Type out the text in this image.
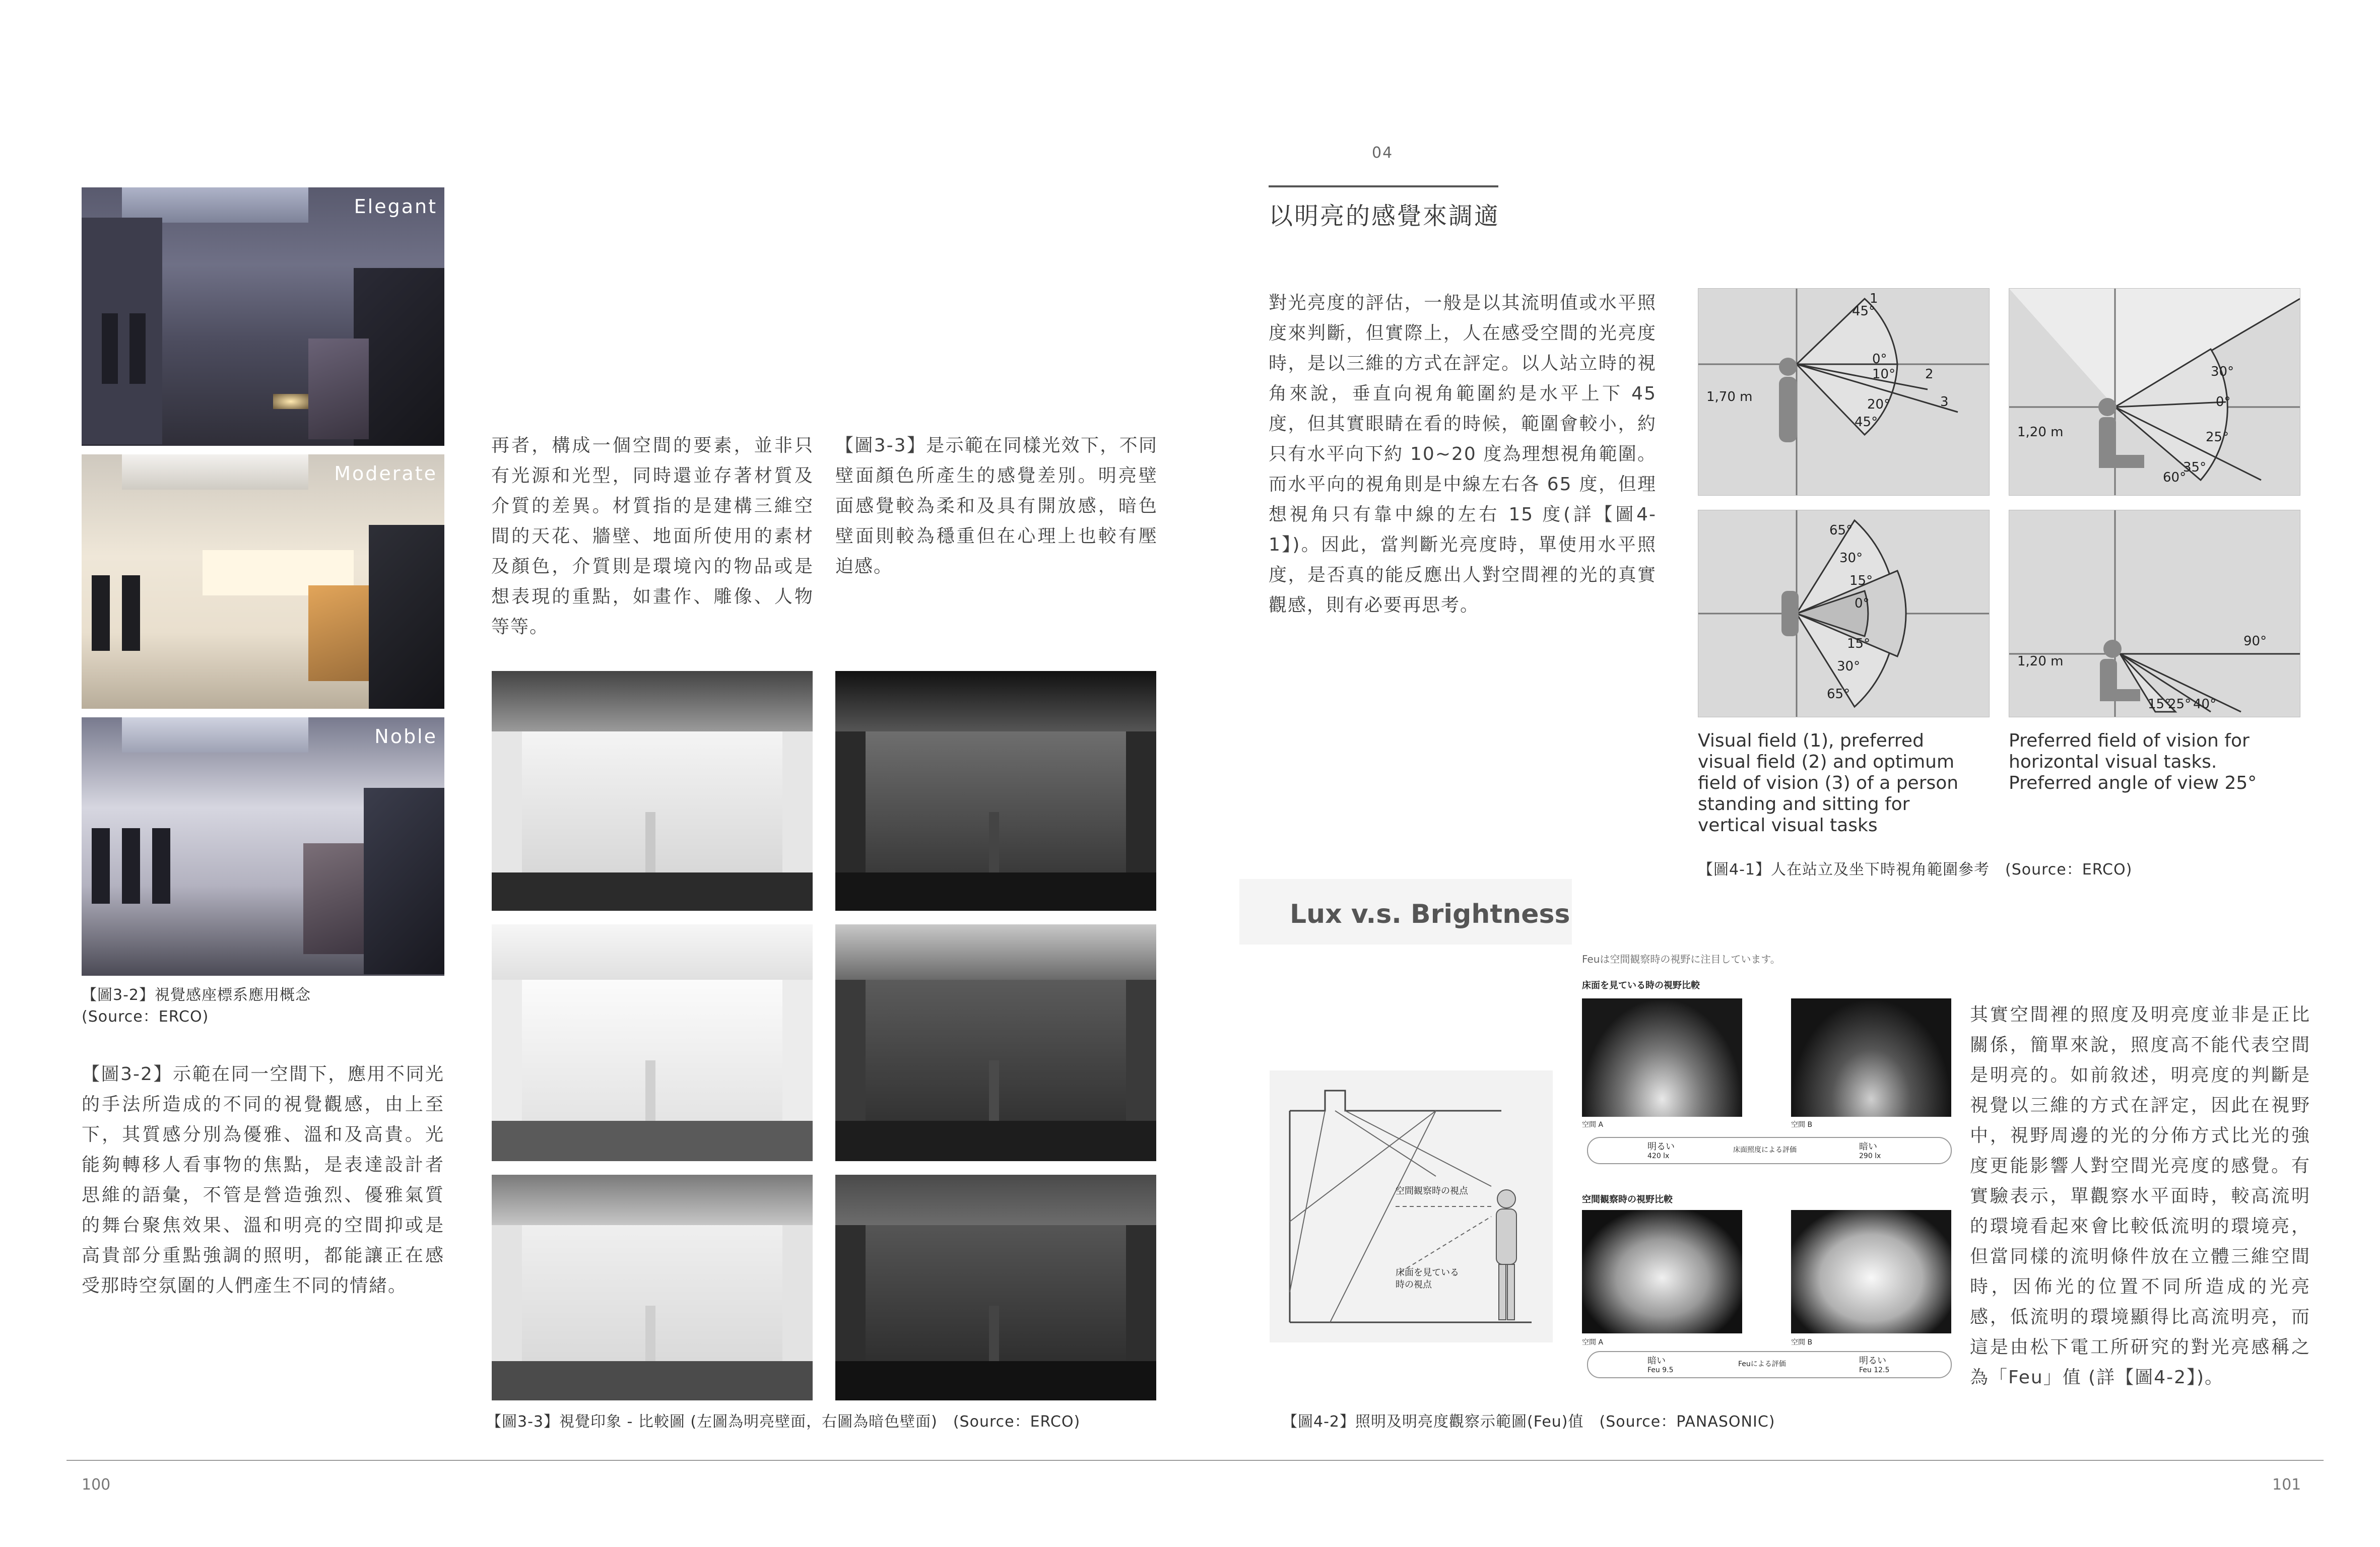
Elegant
Moderate
Noble
【圖3-2】視覺感座標系應用概念
(Source：ERCO)
【圖3-2】示範在同一空間下，應用不同光的手法所造成的不同的視覺觀感，由上至下，其質感分別為優雅、溫和及高貴。光能夠轉移人看事物的焦點，是表達設計者思維的語彙，不管是營造強烈、優雅氣質的舞台聚焦效果、溫和明亮的空間抑或是高貴部分重點強調的照明，都能讓正在感受那時空氛圍的人們產生不同的情緒。
再者，構成一個空間的要素，並非只有光源和光型，同時還並存著材質及介質的差異。材質指的是建構三維空間的天花、牆壁、地面所使用的素材及顏色，介質則是環境內的物品或是想表現的重點，如畫作、雕像、人物等等。
【圖3-3】是示範在同樣光效下，不同壁面顏色所產生的感覺差別。明亮壁面感覺較為柔和及具有開放感，暗色壁面則較為穩重但在心理上也較有壓迫感。
【圖3-3】視覺印象 - 比較圖 (左圖為明亮壁面，右圖為暗色壁面)　(Source：ERCO)
04
以明亮的感覺來調適
對光亮度的評估，一般是以其流明值或水平照度來判斷，但實際上，人在感受空間的光亮度時，是以三維的方式在評定。以人站立時的視角來說，垂直向視角範圍約是水平上下 45 度，但其實眼睛在看的時候，範圍會較小，約只有水平向下約 10~20 度為理想視角範圍。而水平向的視角則是中線左右各 65 度，但理想視角只有靠中線的左右 15 度(詳【圖4-1】)。因此，當判斷光亮度時，單使用水平照度，是否真的能反應出人對空間裡的光的真實觀感，則有必要再思考。
1,70 m
45°
0°
10°
20°
45°
1
2
3
1,20 m
30°
0°
25°
35°
60°
65°
30°
15°
0°
15°
30°
65°
1,20 m
90°
15°
25° 40°
Visual field (1), preferred visual field (2) and optimum field of vision (3) of a person standing and sitting for vertical visual tasks
Preferred field of vision for horizontal visual tasks. Preferred angle of view 25°
【圖4-1】人在站立及坐下時視角範圍參考　(Source：ERCO)
Lux v.s. Brightness
空間観察時の視点
床面を見ている時の視点
Feuは空間観察時の視野に注目しています。
床面を見ている時の視野比較
空間 A	空間 B
明るい
420 lx
床面照度による評価	暗い
290 lx
空間観察時の視野比較
空間 A	空間 B
暗い
Feu 9.5
Feuによる評価	明るい
Feu 12.5
其實空間裡的照度及明亮度並非是正比關係，簡單來說，照度高不能代表空間是明亮的。如前敘述，明亮度的判斷是視覺以三維的方式在評定，因此在視野中，視野周邊的光的分佈方式比光的強度更能影響人對空間光亮度的感覺。有實驗表示，單觀察水平面時，較高流明的環境看起來會比較低流明的環境亮，但當同樣的流明條件放在立體三維空間時，因佈光的位置不同所造成的光亮感，低流明的環境顯得比高流明亮，而這是由松下電工所研究的對光亮感稱之為「Feu」值 (詳【圖4-2】)。
【圖4-2】照明及明亮度觀察示範圖(Feu)值　(Source：PANASONIC)
100	101
